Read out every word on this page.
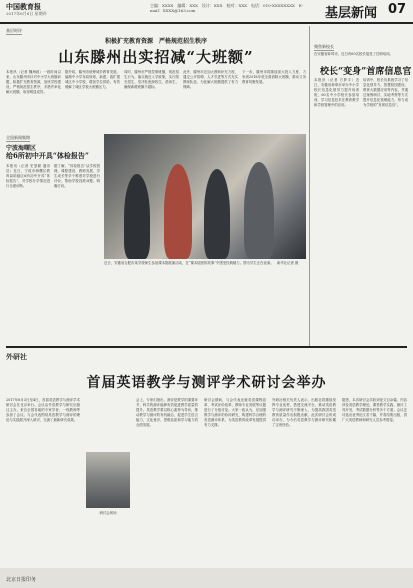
中国教育报
2017年6月8日 星期四
主编：XXXX　编辑：XXX　设计：XXX　校对：XXX　电话：010-XXXXXXXX　E-mail：XXXX@163.com	基层新闻 07
基层时评
积极扩充教育资源　严格规范招生秩序
山东滕州出实招减“大班额”
本报讯（记者 魏海政）一段时间以来，山东滕州市针对中小学大班额问题，积极扩充教育资源，加快学校建设，严格规范招生秩序，多措并举化解大班额，取得明显成效。
据介绍，滕州市统筹城乡教育发展，编制中小学布局规划，新建、改扩建城区中小学校，增加学位供给，有效缓解了城区学校大班额压力。
同时，滕州市严格控制班额，规范招生行为，落实就近入学政策，实行阳光招生，坚决杜绝择校生、借读生，确保新增班额不超标。
此外，滕州市还加大教师补充力度，通过公开招聘、人才引进等方式充实教师队伍，为化解大班额提供了有力保障。
下一步，滕州市将继续加大投入力度，力争到2018年底全面消除大班额，推动义务教育均衡发展。
全国新闻集锦
宁波海曙区
给6所初中开具“体检报告”
本报讯（记者 史望颖 通讯员）近日，宁波市海曙区教育局给辖区6所初中开具“体检报告”，对学校办学情况进行全面诊断。
据了解，“体检报告”从学校管理、课程建设、教师发展、学生成长等多个维度对学校进行评价，帮助学校找准问题、明确方向。
近日，安徽省合肥市某学校师生参加课本剧展演活动，在“课本剧里的故事”中感受经典魅力。图为学生正在表演。　新华社记者 摄
聚焦新校长
在安徽省蚌埠市，近日有60名校长接受了任职培训。
校长“变身”首席信息官
本报讯（记者 方梦宇）近日，安徽省蚌埠市举办中小学校长信息化领导力提升培训班，60名中小学校长参加培训，学习信息技术在教育教学和学校管理中的应用。
培训中，校长们系统学习了信息化领导力、智慧校园建设、教育大数据应用等内容，并通过案例研讨、实地考察等方式提升信息化管理能力，努力成为学校的“首席信息官”。
外研社
首届英语教学与测评学术研讨会举办
2017年6月3日至4日，首届英语教学与测评学术研讨会在北京举行。会议由外语教学与研究出版社主办，来自全国各地的专家学者、一线教师等参加了会议。与会代表围绕英语教学与测评的理论与实践展开深入研讨，交流了最新研究成果。
会上，专家们指出，测评是教学的重要环节，科学的测评能够有效促进教学质量的提升。英语教学要以核心素养为导向，推动教学与测评的有机融合，促进学生语言能力、文化意识、思维品质和学习能力的全面发展。
研讨会期间，与会代表还就英语课程改革、考试评价改革、教师专业发展等议题进行了分组讨论。大家一致认为，应加强教学与测评的协同研究，构建科学合理的英语测评体系，为英语教育改革发展提供有力支撑。
外研社相关负责人表示，出版社将继续发挥专业优势，搭建交流平台，推动英语教学与测评研究不断深入，为提高我国英语教育质量作出积极贡献。此次研讨会的成功举办，为今后英语教学与测评研究积累了宝贵经验。
据悉，本次研讨会共收到论文百余篇，内容涉及英语教学理论、课堂教学实践、测评工具开发、考试数据分析等多个方面。会议还评选出优秀论文若干篇，并将结集出版，供广大英语教师和研究人员参考借鉴。
研讨会现场
北京日报印务
